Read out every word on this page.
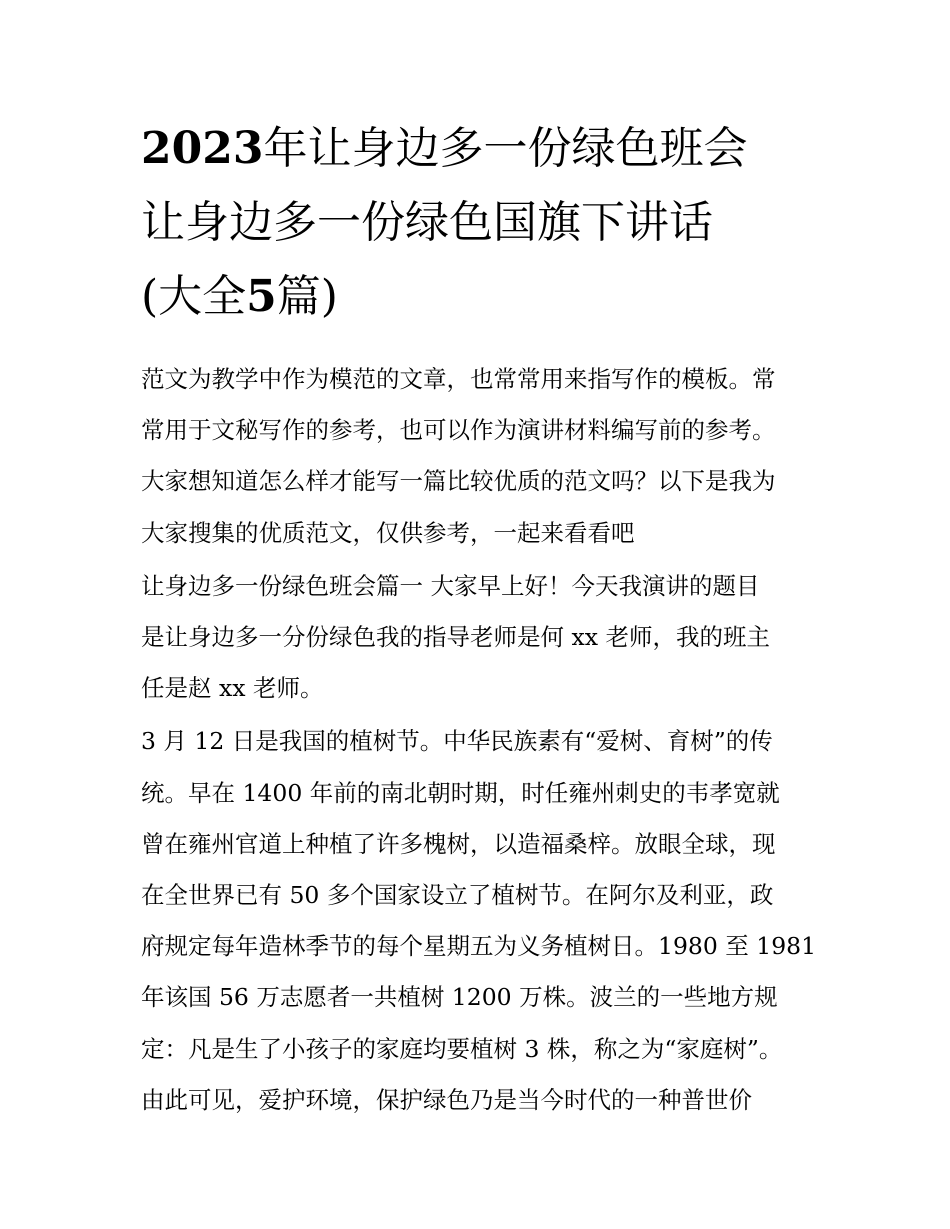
2023年让身边多一份绿色班会
让身边多一份绿色国旗下讲话
(大全5篇)
范文为教学中作为模范的文章，也常常用来指写作的模板。常
常用于文秘写作的参考，也可以作为演讲材料编写前的参考。
大家想知道怎么样才能写一篇比较优质的范文吗？以下是我为
大家搜集的优质范文，仅供参考，一起来看看吧
让身边多一份绿色班会篇一 大家早上好！今天我演讲的题目
是让身边多一分份绿色我的指导老师是何 xx 老师，我的班主
任是赵 xx 老师。
3 月 12 日是我国的植树节。中华民族素有“爱树、育树”的传
统。早在 1400 年前的南北朝时期，时任雍州刺史的韦孝宽就
曾在雍州官道上种植了许多槐树，以造福桑梓。放眼全球，现
在全世界已有 50 多个国家设立了植树节。在阿尔及利亚，政
府规定每年造林季节的每个星期五为义务植树日。1980 至 1981
年该国 56 万志愿者一共植树 1200 万株。波兰的一些地方规
定：凡是生了小孩子的家庭均要植树 3 株，称之为“家庭树”。
由此可见，爱护环境，保护绿色乃是当今时代的一种普世价
